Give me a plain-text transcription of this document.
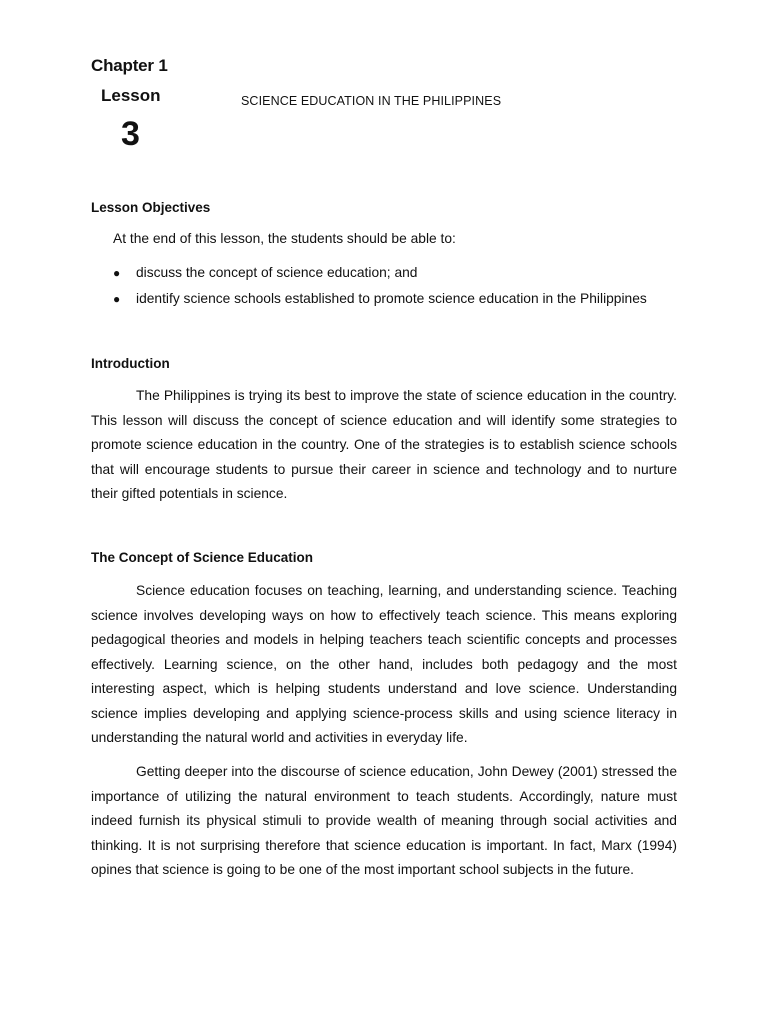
Chapter 1
Lesson
3
SCIENCE EDUCATION IN THE PHILIPPINES
Lesson Objectives
At the end of this lesson, the students should be able to:
● discuss the concept of science education; and
● identify science schools established to promote science education in the Philippines
Introduction

The Philippines is trying its best to improve the state of science education in the country. This lesson will discuss the concept of science education and will identify some strategies to promote science education in the country. One of the strategies is to establish science schools that will encourage students to pursue their career in science and technology and to nurture their gifted potentials in science.

The Concept of Science Education

Science education focuses on teaching, learning, and understanding science. Teaching science involves developing ways on how to effectively teach science. This means exploring pedagogical theories and models in helping teachers teach scientific concepts and processes effectively. Learning science, on the other hand, includes both pedagogy and the most interesting aspect, which is helping students understand and love science. Understanding science implies developing and applying science-process skills and using science literacy in understanding the natural world and activities in everyday life.

Getting deeper into the discourse of science education, John Dewey (2001) stressed the importance of utilizing the natural environment to teach students. Accordingly, nature must indeed furnish its physical stimuli to provide wealth of meaning through social activities and thinking. It is not surprising therefore that science education is important. In fact, Marx (1994) opines that science is going to be one of the most important school subjects in the future.
